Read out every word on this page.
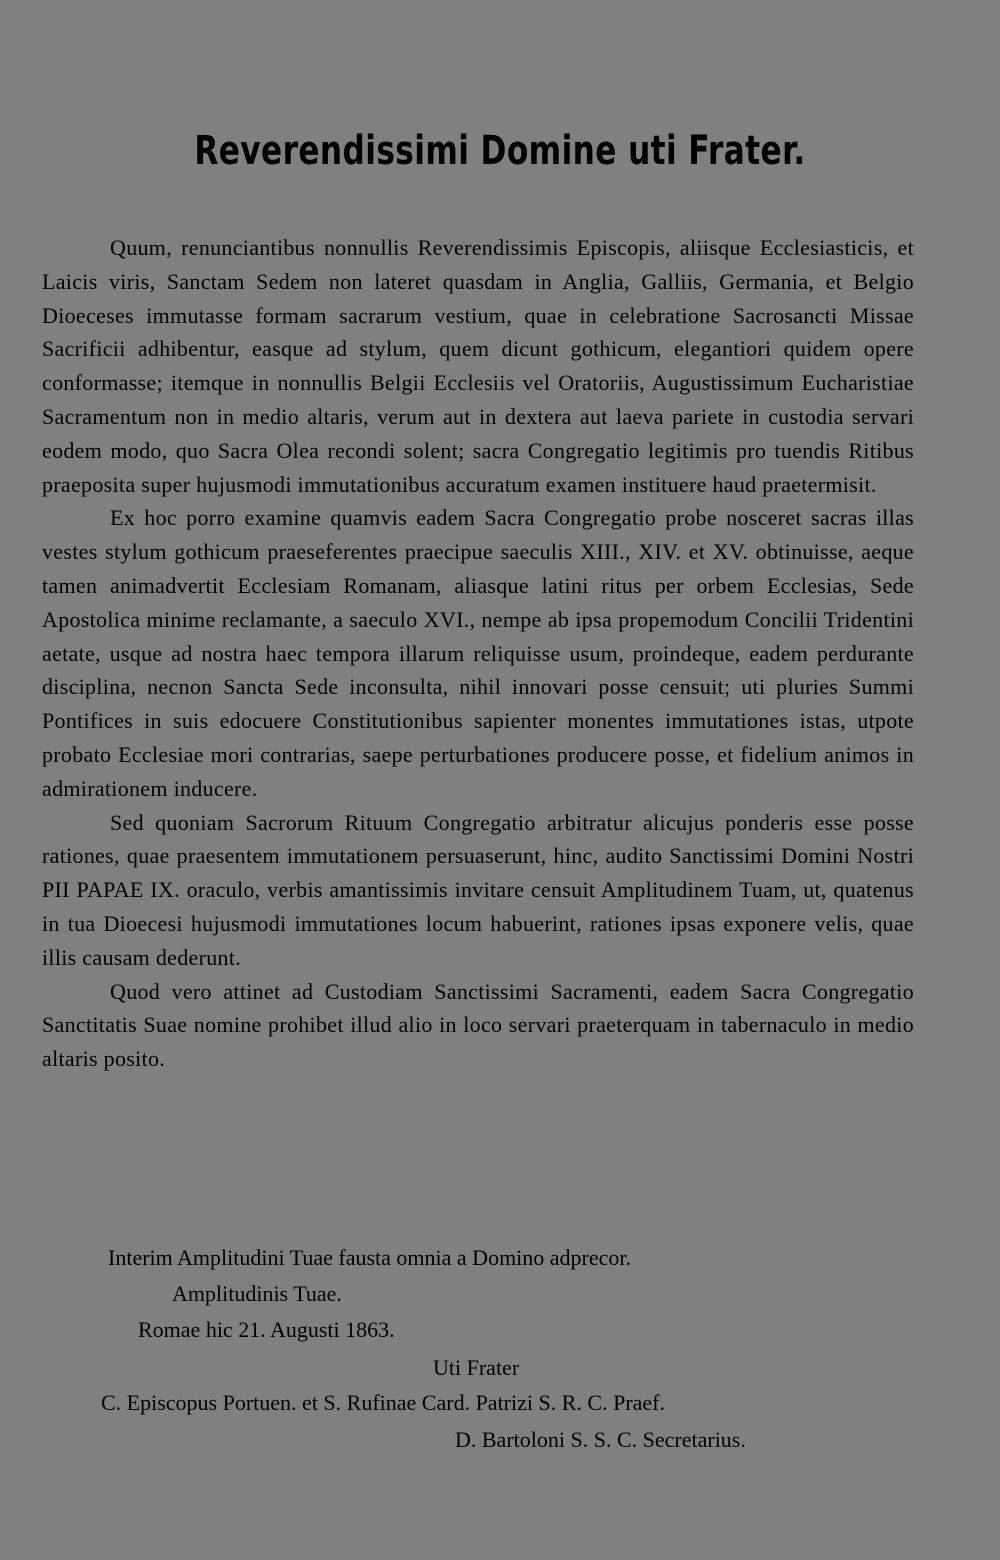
Reverendissimi Domine uti Frater.

Quum, renunciantibus nonnullis Reverendissimis Episcopis, aliisque Ecclesiasticis, et Laicis viris, Sanctam Sedem non lateret quasdam in Anglia, Galliis, Germania, et Belgio Dioeceses immutasse formam sacrarum vestium, quae in celebratione Sacrosancti Missae Sacrificii adhibentur, easque ad stylum, quem dicunt gothicum, elegantiori quidem opere conformasse; itemque in nonnullis Belgii Ecclesiis vel Oratoriis, Augustissimum Eucharistiae Sacramentum non in medio altaris, verum aut in dextera aut laeva pariete in custodia servari eodem modo, quo Sacra Olea recondi solent; sacra Congregatio legitimis pro tuendis Ritibus praeposita super hujusmodi immutationibus accuratum examen instituere haud praetermisit.

Ex hoc porro examine quamvis eadem Sacra Congregatio probe nosceret sacras illas vestes stylum gothicum praeseferentes praecipue saeculis XIII., XIV. et XV. obtinuisse, aeque tamen animadvertit Ecclesiam Romanam, aliasque latini ritus per orbem Ecclesias, Sede Apostolica minime reclamante, a saeculo XVI., nempe ab ipsa propemodum Concilii Tridentini aetate, usque ad nostra haec tempora illarum reliquisse usum, proindeque, eadem perdurante disciplina, necnon Sancta Sede inconsulta, nihil innovari posse censuit; uti pluries Summi Pontifices in suis edocuere Constitutionibus sapienter monentes immutationes istas, utpote probato Ecclesiae mori contrarias, saepe perturbationes producere posse, et fidelium animos in admirationem inducere.

Sed quoniam Sacrorum Rituum Congregatio arbitratur alicujus ponderis esse posse rationes, quae praesentem immutationem persuaserunt, hinc, audito Sanctissimi Domini Nostri PII PAPAE IX. oraculo, verbis amantissimis invitare censuit Amplitudinem Tuam, ut, quatenus in tua Dioecesi hujusmodi immutationes locum habuerint, rationes ipsas exponere velis, quae illis causam dederunt.

Quod vero attinet ad Custodiam Sanctissimi Sacramenti, eadem Sacra Congregatio Sanctitatis Suae nomine prohibet illud alio in loco servari praeterquam in tabernaculo in medio altaris posito.

Interim Amplitudini Tuae fausta omnia a Domino adprecor.
Amplitudinis Tuae.
Romae hic 21. Augusti 1863.
Uti Frater
C. Episcopus Portuen. et S. Rufinae Card. Patrizi S. R. C. Praef.
D. Bartoloni S. S. C. Secretarius.
